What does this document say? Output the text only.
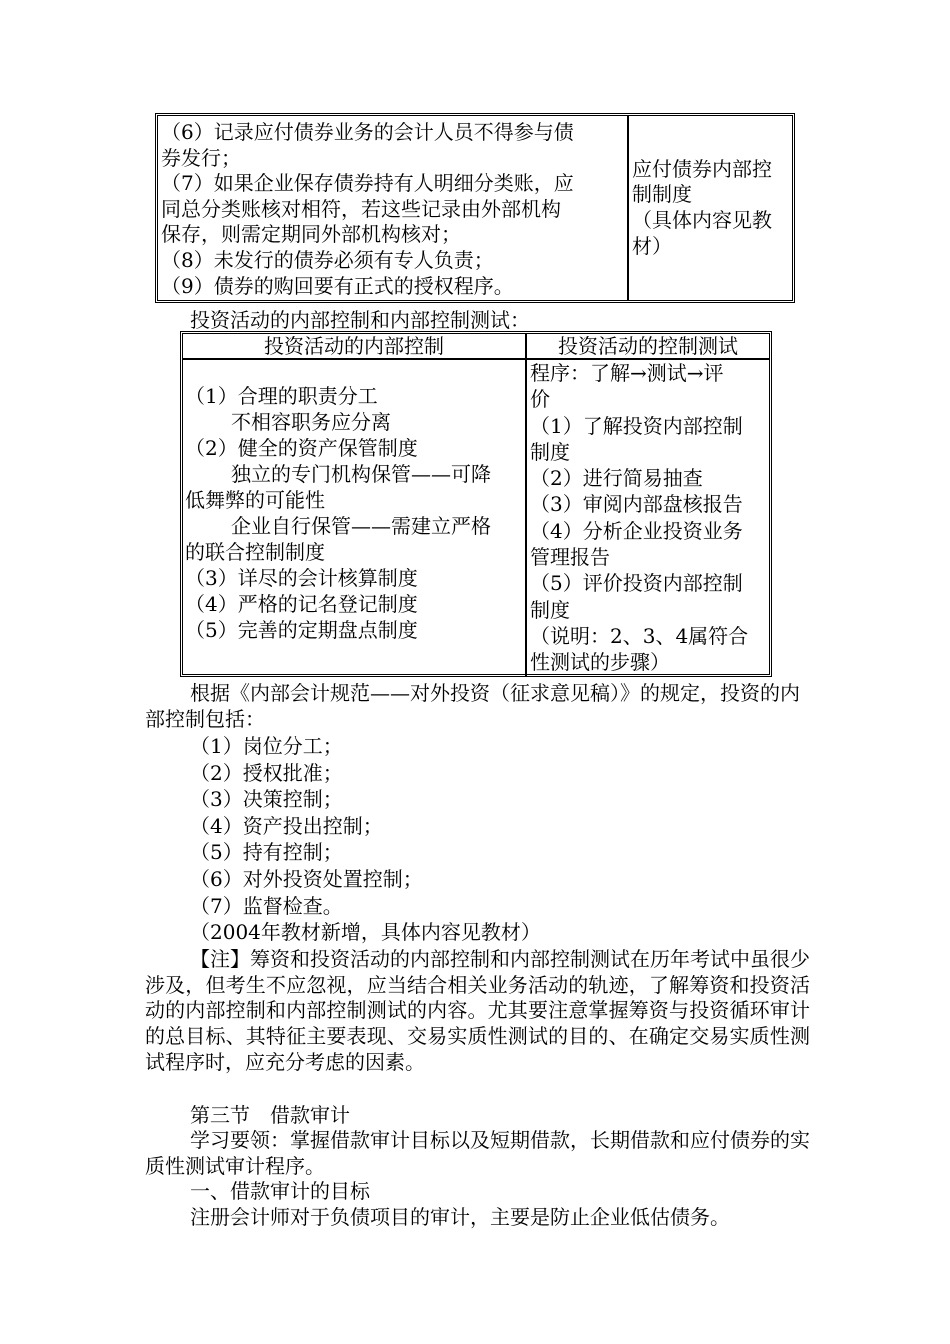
（6）记录应付债券业务的会计人员不得参与债
券发行；
（7）如果企业保存债券持有人明细分类账，应
同总分类账核对相符，若这些记录由外部机构
保存，则需定期同外部机构核对；
（8）未发行的债券必须有专人负责；
（9）债券的购回要有正式的授权程序。
应付债券内部控
制制度
（具体内容见教
材）
投资活动的内部控制和内部控制测试：
投资活动的内部控制	投资活动的控制测试
（1）合理的职责分工
不相容职务应分离
（2）健全的资产保管制度
独立的专门机构保管——可降
低舞弊的可能性
企业自行保管——需建立严格
的联合控制制度
（3）详尽的会计核算制度
（4）严格的记名登记制度
（5）完善的定期盘点制度
程序：了解→测试→评
价
（1）了解投资内部控制
制度
（2）进行简易抽查
（3）审阅内部盘核报告
（4）分析企业投资业务
管理报告
（5）评价投资内部控制
制度
（说明：2、3、4属符合
性测试的步骤）
根据《内部会计规范——对外投资（征求意见稿）》的规定，投资的内部控制包括：
（1）岗位分工；
（2）授权批准；
（3）决策控制；
（4）资产投出控制；
（5）持有控制；
（6）对外投资处置控制；
（7）监督检查。
（2004年教材新增，具体内容见教材）
【注】筹资和投资活动的内部控制和内部控制测试在历年考试中虽很少涉及，但考生不应忽视，应当结合相关业务活动的轨迹，了解筹资和投资活动的内部控制和内部控制测试的内容。尤其要注意掌握筹资与投资循环审计的总目标、其特征主要表现、交易实质性测试的目的、在确定交易实质性测试程序时，应充分考虑的因素。
第三节　借款审计
学习要领：掌握借款审计目标以及短期借款，长期借款和应付债券的实质性测试审计程序。
一、借款审计的目标
注册会计师对于负债项目的审计，主要是防止企业低估债务。
